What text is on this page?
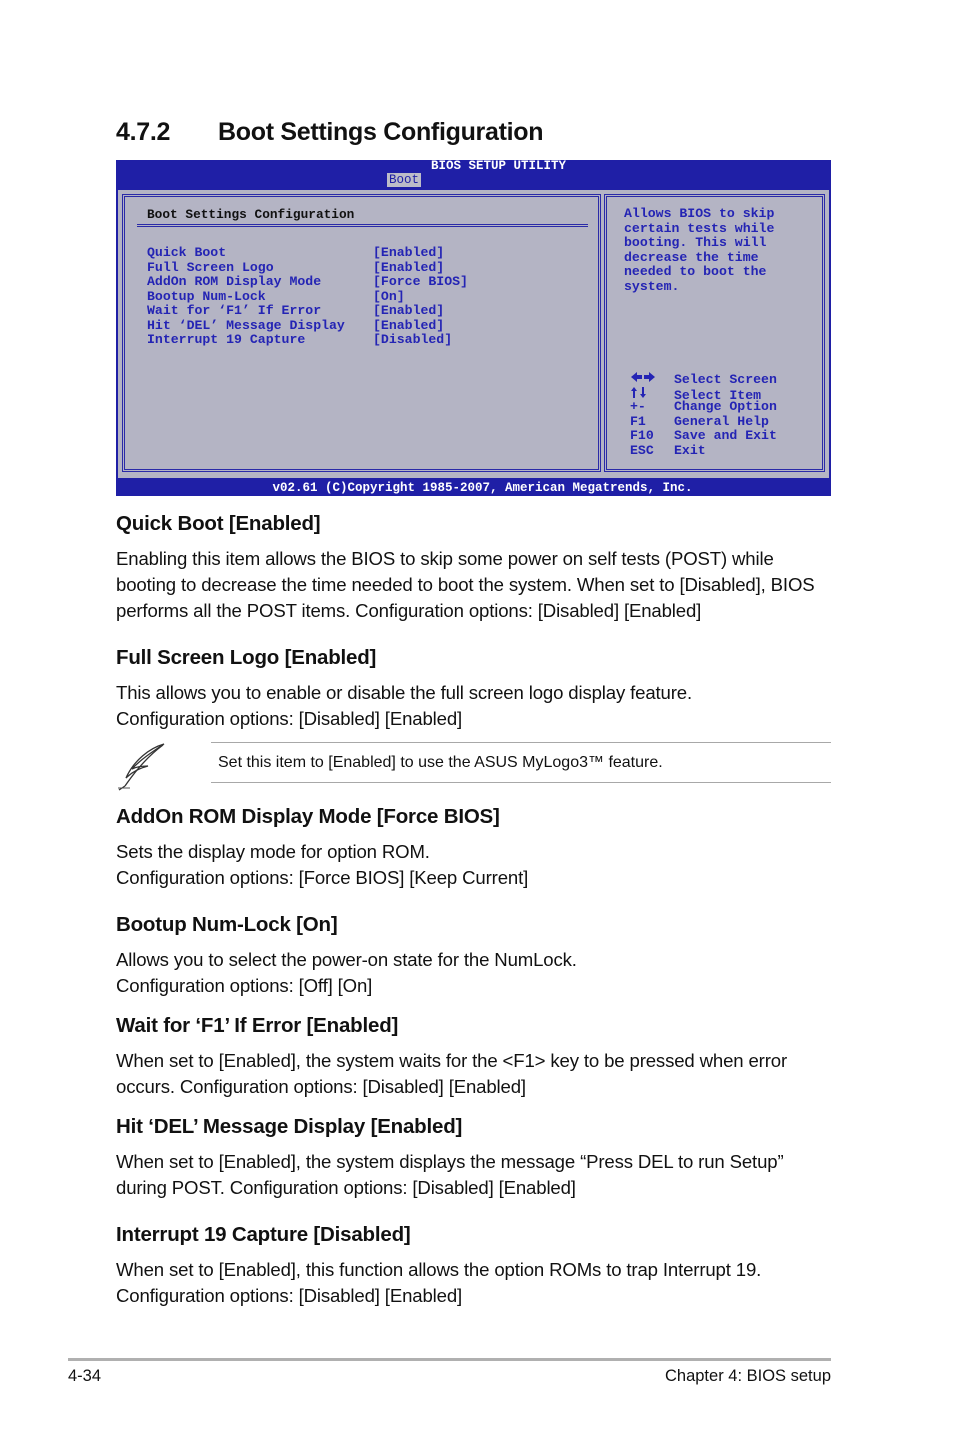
4.7.2 Boot Settings Configuration
BIOS SETUP UTILITY
Boot
Boot Settings Configuration
Quick Boot	[Enabled]
Full Screen Logo	[Enabled]
AddOn ROM Display Mode	[Force BIOS]
Bootup Num-Lock	[On]
Wait for ‘F1’ If Error	[Enabled]
Hit ‘DEL’ Message Display [Enabled]
Interrupt 19 Capture	[Disabled]

Allows BIOS to skip
certain tests while
booting. This will
decrease the time
needed to boot the
system.

Select Screen
Select Item
+- Change Option
F1 General Help
F10 Save and Exit
ESC Exit
v02.61 (C)Copyright 1985-2007, American Megatrends, Inc.
Quick Boot [Enabled]

Enabling this item allows the BIOS to skip some power on self tests (POST) while booting to decrease the time needed to boot the system. When set to [Disabled], BIOS performs all the POST items. Configuration options: [Disabled] [Enabled]

Full Screen Logo [Enabled]

This allows you to enable or disable the full screen logo display feature.
Configuration options: [Disabled] [Enabled]

Set this item to [Enabled] to use the ASUS MyLogo3™ feature.
AddOn ROM Display Mode [Force BIOS]

Sets the display mode for option ROM.
Configuration options: [Force BIOS] [Keep Current]

Bootup Num-Lock [On]

Allows you to select the power-on state for the NumLock.
Configuration options: [Off] [On]

Wait for ‘F1’ If Error [Enabled]

When set to [Enabled], the system waits for the <F1> key to be pressed when error occurs. Configuration options: [Disabled] [Enabled]

Hit ‘DEL’ Message Display [Enabled]

When set to [Enabled], the system displays the message “Press DEL to run Setup” during POST. Configuration options: [Disabled] [Enabled]

Interrupt 19 Capture [Disabled]

When set to [Enabled], this function allows the option ROMs to trap Interrupt 19. Configuration options: [Disabled] [Enabled]

4-34	Chapter 4: BIOS setup
